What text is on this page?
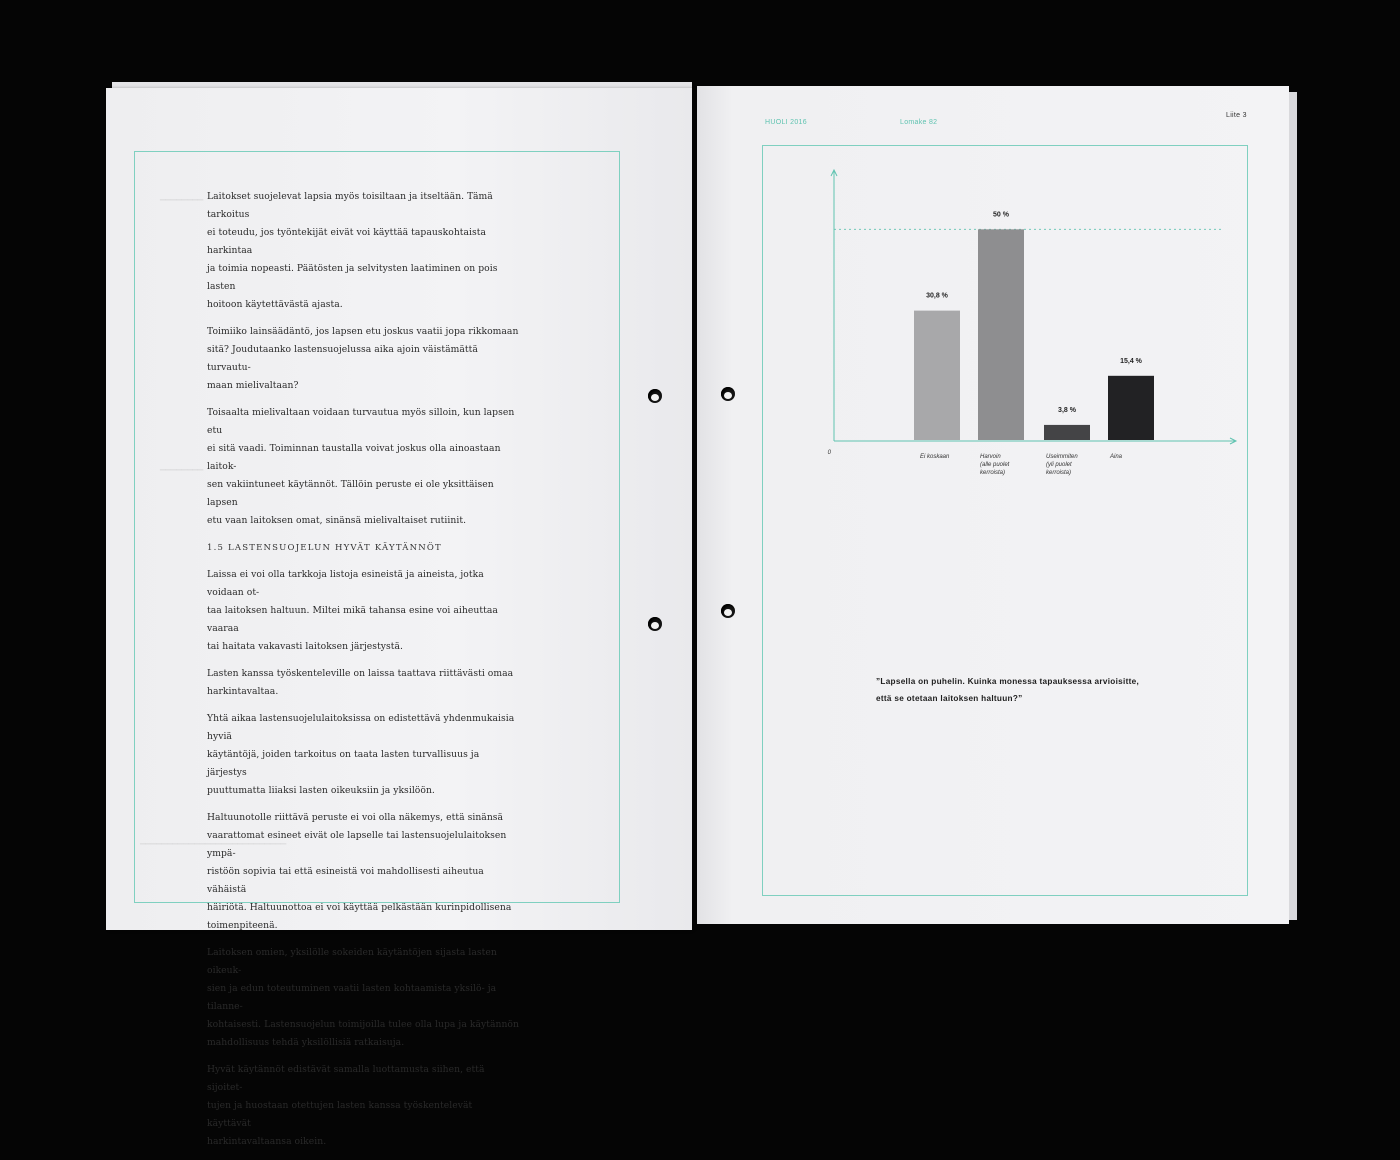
━━━━━━━━
━━━━━━━━
━━━━━━━━━━━━━━━━━━━━━━━━━━━

Laitokset suojelevat lapsia myös toisiltaan ja itseltään. Tämä tarkoitus
ei toteudu, jos työntekijät eivät voi käyttää tapauskohtaista harkintaa
ja toimia nopeasti. Päätösten ja selvitysten laatiminen on pois lasten
hoitoon käytettävästä ajasta.

Toimiiko lainsäädäntö, jos lapsen etu joskus vaatii jopa rikkomaan
sitä? Joudutaanko lastensuojelussa aika ajoin väistämättä turvautu-
maan mielivaltaan?

Toisaalta mielivaltaan voidaan turvautua myös silloin, kun lapsen etu
ei sitä vaadi. Toiminnan taustalla voivat joskus olla ainoastaan laitok-
sen vakiintuneet käytännöt. Tällöin peruste ei ole yksittäisen lapsen
etu vaan laitoksen omat, sinänsä mielivaltaiset rutiinit.

1.5 LASTENSUOJELUN HYVÄT KÄYTÄNNÖT

Laissa ei voi olla tarkkoja listoja esineistä ja aineista, jotka voidaan ot-
taa laitoksen haltuun. Miltei mikä tahansa esine voi aiheuttaa vaaraa
tai haitata vakavasti laitoksen järjestystä.

Lasten kanssa työskenteleville on laissa taattava riittävästi omaa
harkintavaltaa.

Yhtä aikaa lastensuojelulaitoksissa on edistettävä yhdenmukaisia hyviä
käytäntöjä, joiden tarkoitus on taata lasten turvallisuus ja järjestys
puuttumatta liiaksi lasten oikeuksiin ja yksilöön.

Haltuunotolle riittävä peruste ei voi olla näkemys, että sinänsä
vaarattomat esineet eivät ole lapselle tai lastensuojelulaitoksen ympä-
ristöön sopivia tai että esineistä voi mahdollisesti aiheutua vähäistä
häiriötä. Haltuunottoa ei voi käyttää pelkästään kurinpidollisena
toimenpiteenä.

Laitoksen omien, yksilölle sokeiden käytäntöjen sijasta lasten oikeuk-
sien ja edun toteutuminen vaatii lasten kohtaamista yksilö- ja tilanne-
kohtaisesti. Lastensuojelun toimijoilla tulee olla lupa ja käytännön
mahdollisuus tehdä yksilöllisiä ratkaisuja.

Hyvät käytännöt edistävät samalla luottamusta siihen, että sijoitet-
tujen ja huostaan otettujen lasten kanssa työskentelevät käyttävät
harkintavaltaansa oikein.

HUOLI 2016	Lomake 82
Liite 3
0
30,8 %
Ei koskaan
50 %
Harvoin
(alle puolet
kerroista)
3,8 %
Useimmiten
(yli puolet
kerroista)
15,4 %
Aina
”Lapsella on puhelin. Kuinka monessa tapauksessa arvioisitte,
että se otetaan laitoksen haltuun?”
